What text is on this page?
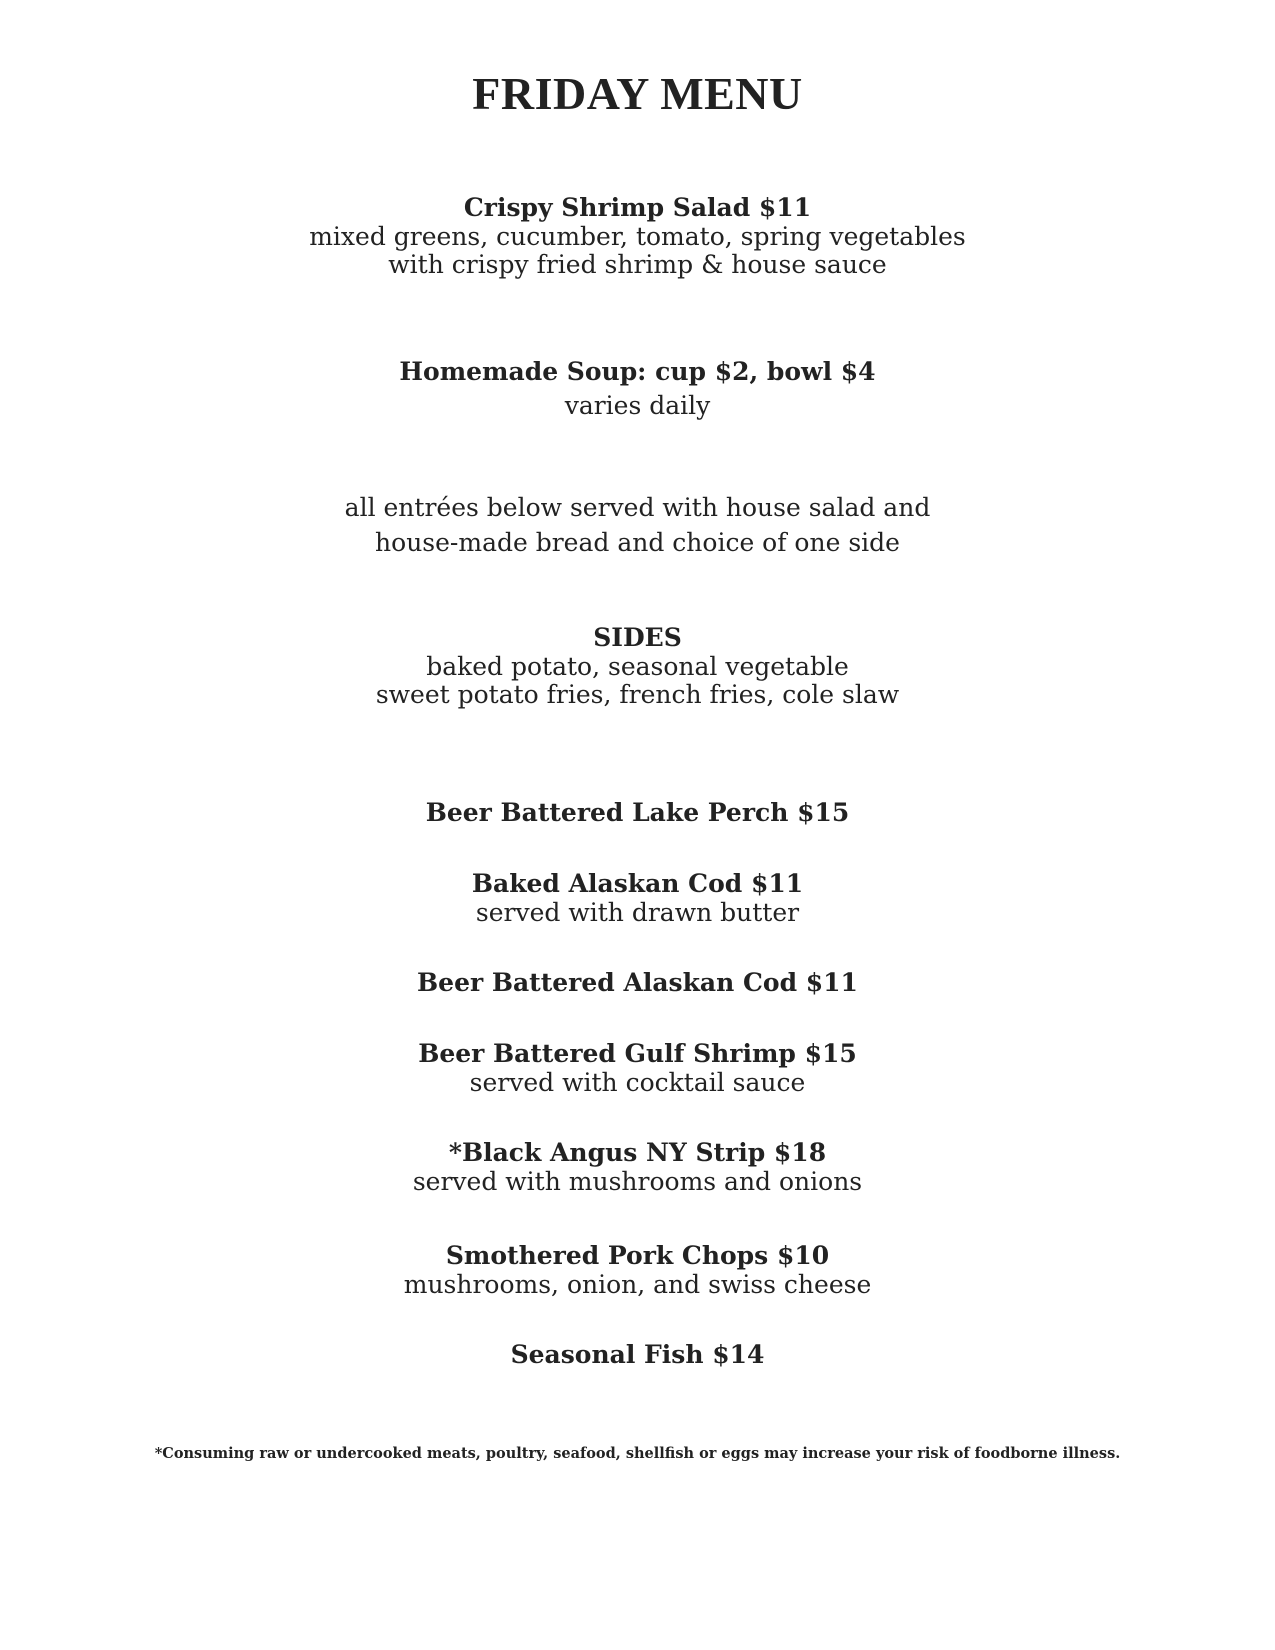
FRIDAY MENU
Crispy Shrimp Salad $11
mixed greens, cucumber, tomato, spring vegetables
with crispy fried shrimp & house sauce
Homemade Soup: cup $2, bowl $4
varies daily
all entrées below served with house salad and
house-made bread and choice of one side
SIDES
baked potato, seasonal vegetable
sweet potato fries, french fries, cole slaw
Beer Battered Lake Perch $15
Baked Alaskan Cod $11
served with drawn butter
Beer Battered Alaskan Cod $11
Beer Battered Gulf Shrimp $15
served with cocktail sauce
*Black Angus NY Strip $18
served with mushrooms and onions
Smothered Pork Chops $10
mushrooms, onion, and swiss cheese
Seasonal Fish $14
*Consuming raw or undercooked meats, poultry, seafood, shellfish or eggs may increase your risk of foodborne illness.
